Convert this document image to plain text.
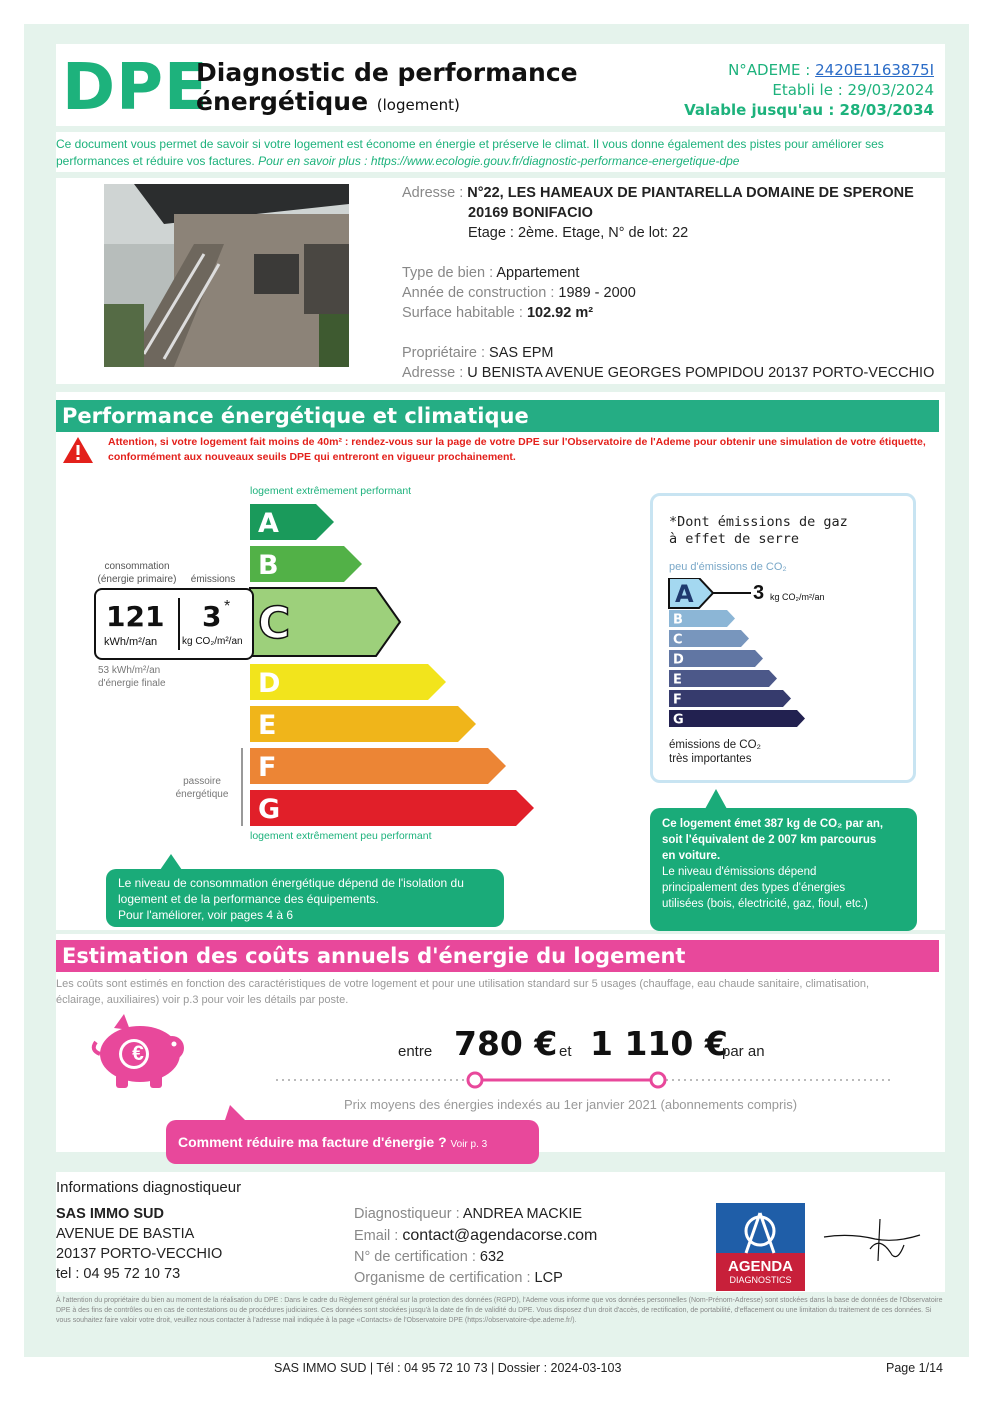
DPE
Diagnostic de performance
énergétique (logement)
N°ADEME : 2420E1163875I
Etabli le : 29/03/2024
Valable jusqu'au : 28/03/2034
Ce document vous permet de savoir si votre logement est économe en énergie et préserve le climat. Il vous donne également des pistes pour améliorer ses performances et réduire vos factures. Pour en savoir plus : https://www.ecologie.gouv.fr/diagnostic-performance-energetique-dpe
Adresse : N°22, LES HAMEAUX DE PIANTARELLA DOMAINE DE SPERONE
20169 BONIFACIO
Etage : 2ème. Etage, N° de lot: 22
Type de bien : Appartement
Année de construction : 1989 - 2000
Surface habitable : 102.92 m²
Propriétaire : SAS EPM
Adresse : U BENISTA AVENUE GEORGES POMPIDOU 20137 PORTO-VECCHIO
Performance énergétique et climatique
Attention, si votre logement fait moins de 40m² : rendez-vous sur la page de votre DPE sur l'Observatoire de l'Ademe pour obtenir une simulation de votre étiquette,
conformément aux nouveaux seuils DPE qui entreront en vigueur prochainement.
logement extrêmement performant
logement extrêmement peu performant
A
B
C
D
E
F
G
consommation
(énergie primaire)	émissions
121
kWh/m²/an
3 *
kg CO₂/m²/an
53 kWh/m²/an
d'énergie finale
passoire
énergétique
Le niveau de consommation énergétique dépend de l'isolation du
logement et de la performance des équipements.
Pour l'améliorer, voir pages 4 à 6
*Dont émissions de gaz
à effet de serre
peu d'émissions de CO₂
A
B
C
D
E
F
G
3 kg CO₂/m²/an
émissions de CO₂
très importantes
Ce logement émet 387 kg de CO₂ par an,
soit l'équivalent de 2 007 km parcourus
en voiture.
Le niveau d'émissions dépend
principalement des types d'énergies
utilisées (bois, électricité, gaz, fioul, etc.)
Estimation des coûts annuels d'énergie du logement
Les coûts sont estimés en fonction des caractéristiques de votre logement et pour une utilisation standard sur 5 usages (chauffage, eau chaude sanitaire, climatisation,
éclairage, auxiliaires) voir p.3 pour voir les détails par poste.
€	entre 780 € et 1 110 €
par an
Prix moyens des énergies indexés au 1er janvier 2021 (abonnements compris)
Comment réduire ma facture d'énergie ? Voir p. 3
Informations diagnostiqueur
SAS IMMO SUD
AVENUE DE BASTIA
20137 PORTO-VECCHIO
tel : 04 95 72 10 73
Diagnostiqueur : ANDREA MACKIE
Email : contact@agendacorse.com
N° de certification : 632
Organisme de certification : LCP
AGENDA
DIAGNOSTICS
À l'attention du propriétaire du bien au moment de la réalisation du DPE : Dans le cadre du Règlement général sur la protection des données (RGPD), l'Ademe vous informe que vos données personnelles (Nom-Prénom-Adresse) sont stockées dans la base de données de l'Observatoire DPE à des fins de contrôles ou en cas de contestations ou de procédures judiciaires. Ces données sont stockées jusqu'à la date de fin de validité du DPE. Vous disposez d'un droit d'accès, de rectification, de portabilité, d'effacement ou une limitation du traitement de ces données. Si vous souhaitez faire valoir votre droit, veuillez nous contacter à l'adresse mail indiquée à la page «Contacts» de l'Observatoire DPE (https://observatoire-dpe.ademe.fr/).
SAS IMMO SUD | Tél : 04 95 72 10 73 | Dossier : 2024-03-103	Page 1/14
